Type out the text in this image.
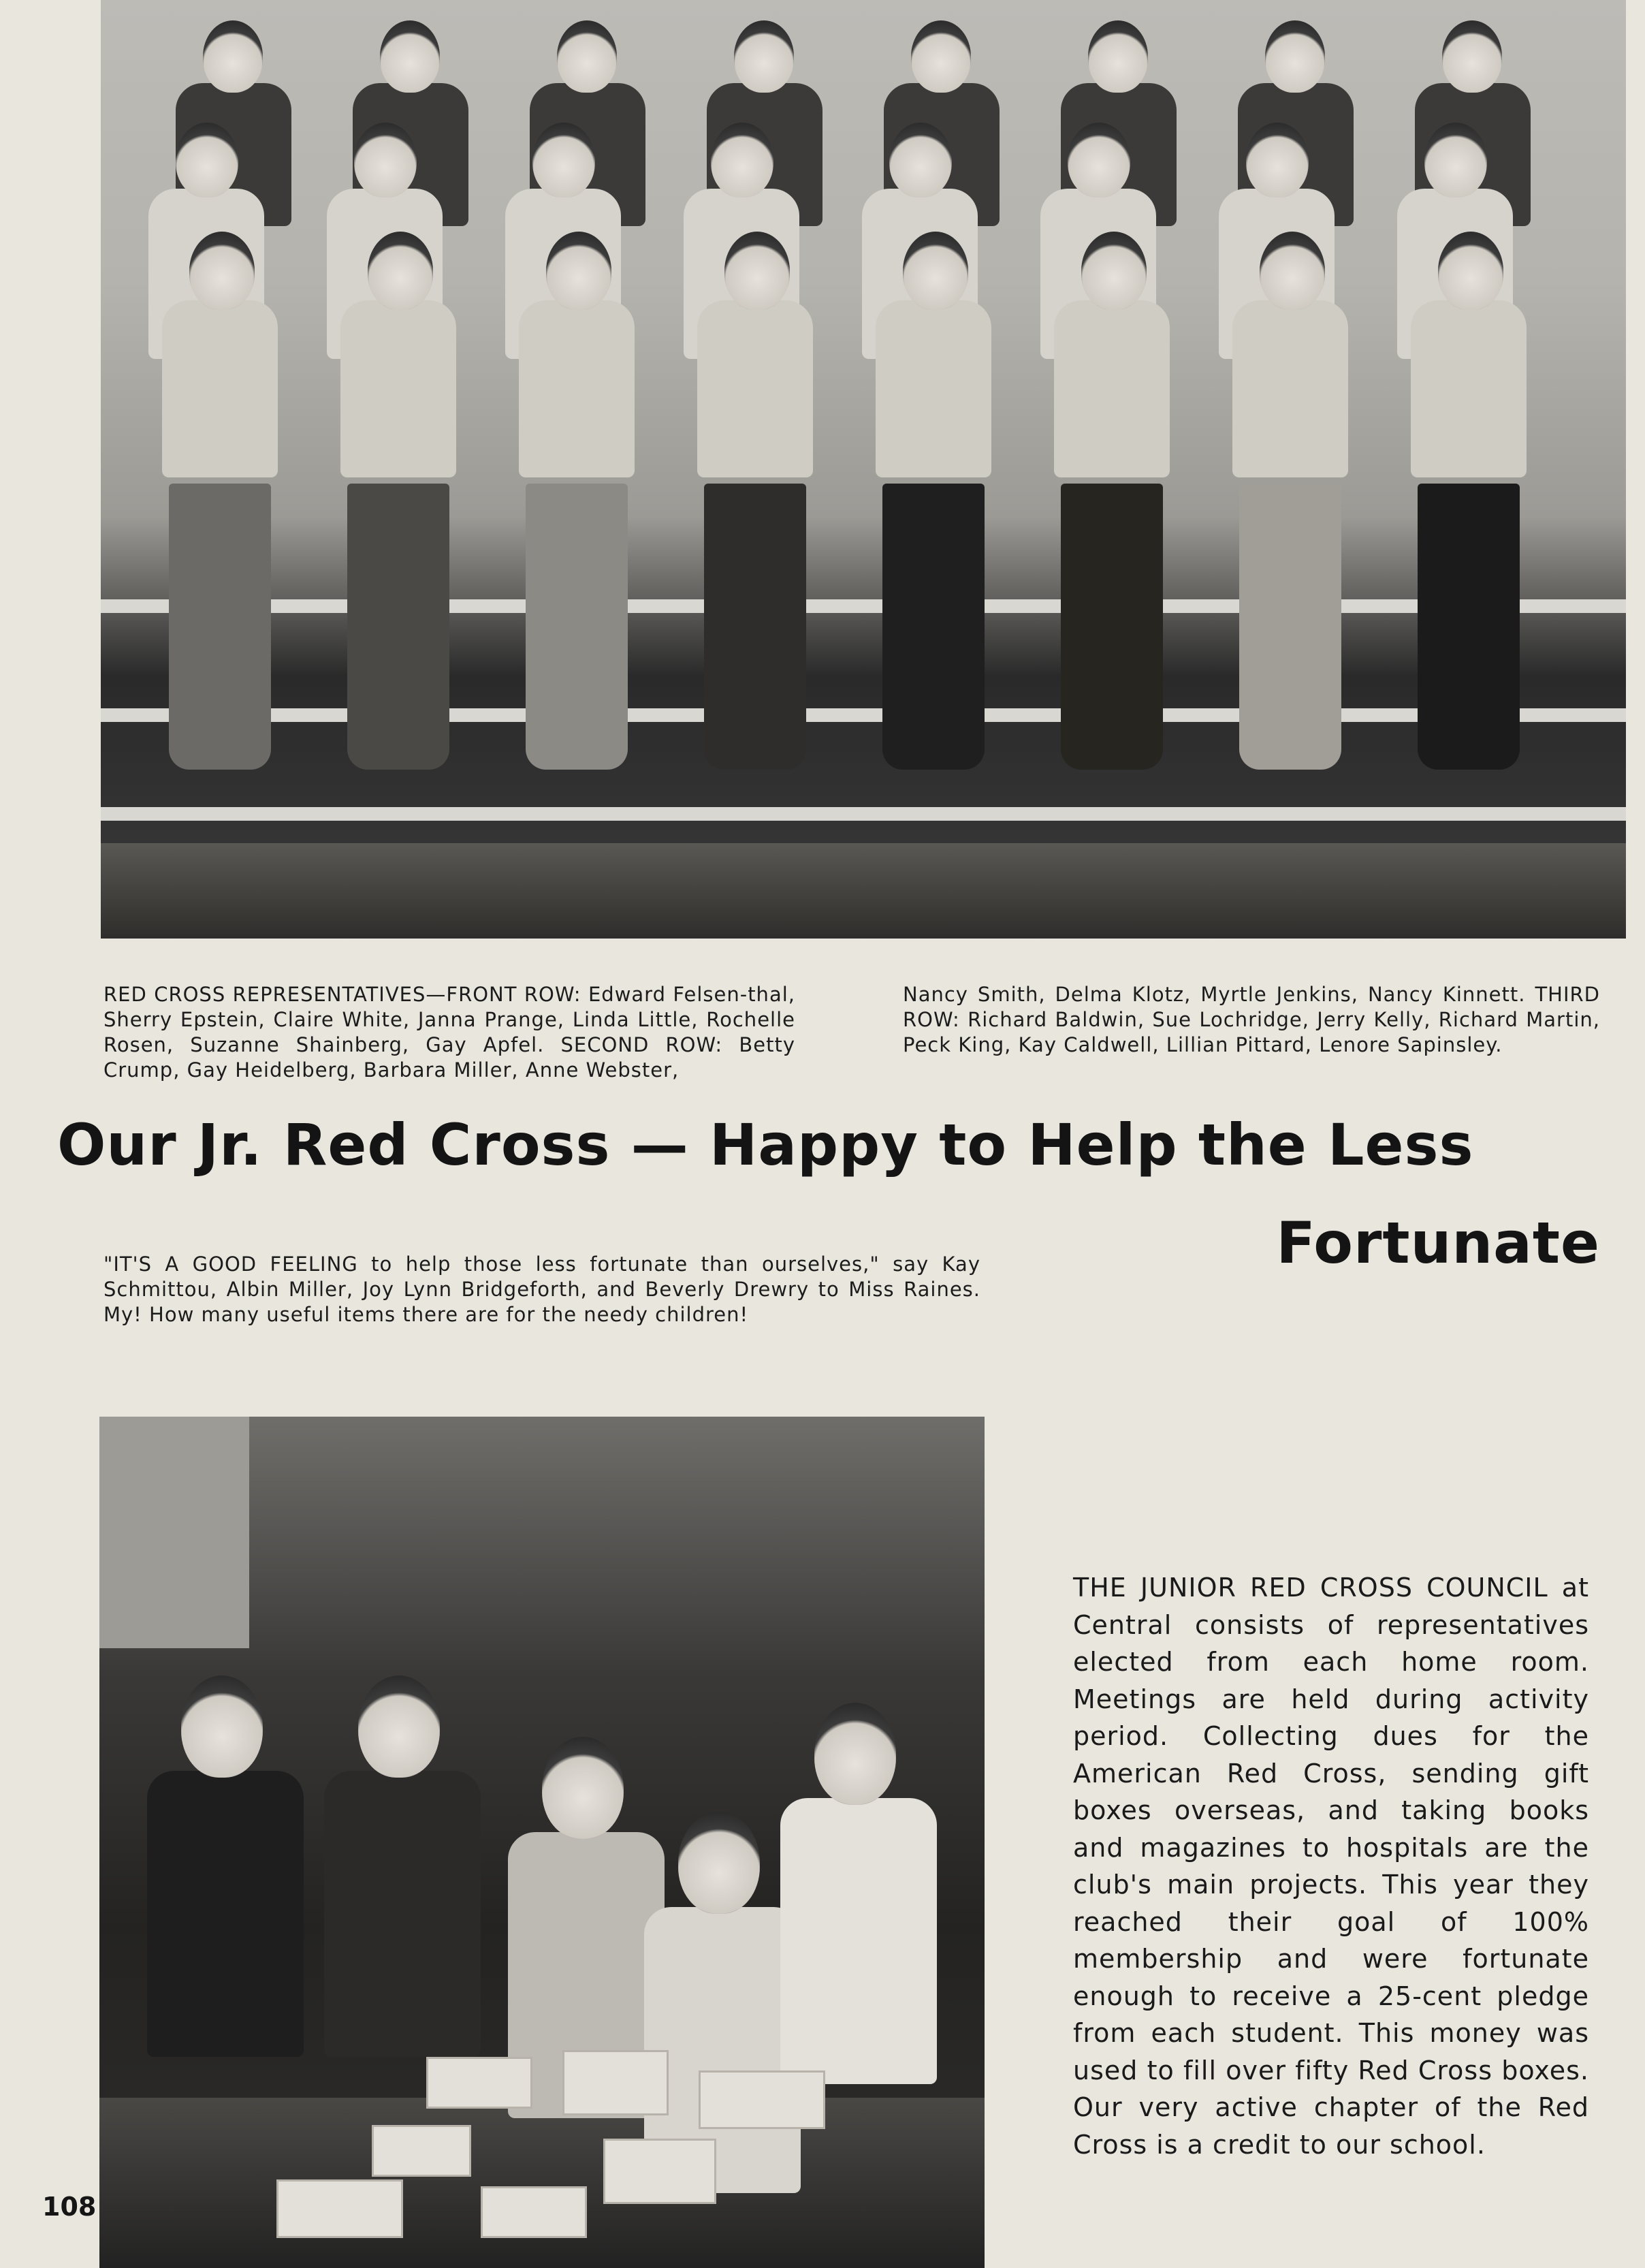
RED CROSS REPRESENTATIVES—FRONT ROW: Edward Felsen-thal, Sherry Epstein, Claire White, Janna Prange, Linda Little, Rochelle Rosen, Suzanne Shainberg, Gay Apfel. SECOND ROW: Betty Crump, Gay Heidelberg, Barbara Miller, Anne Webster,
Nancy Smith, Delma Klotz, Myrtle Jenkins, Nancy Kinnett. THIRD ROW: Richard Baldwin, Sue Lochridge, Jerry Kelly, Richard Martin, Peck King, Kay Caldwell, Lillian Pittard, Lenore Sapinsley.
Our Jr. Red Cross — Happy to Help the Less
Fortunate
"IT'S A GOOD FEELING to help those less fortunate than ourselves," say Kay Schmittou, Albin Miller, Joy Lynn Bridgeforth, and Beverly Drewry to Miss Raines. My! How many useful items there are for the needy children!
THE JUNIOR RED CROSS COUNCIL at Central consists of representatives elected from each home room. Meetings are held during activity period. Collecting dues for the American Red Cross, sending gift boxes overseas, and taking books and magazines to hospitals are the club's main projects. This year they reached their goal of 100% membership and were fortunate enough to receive a 25-cent pledge from each student. This money was used to fill over fifty Red Cross boxes. Our very active chapter of the Red Cross is a credit to our school.
108
